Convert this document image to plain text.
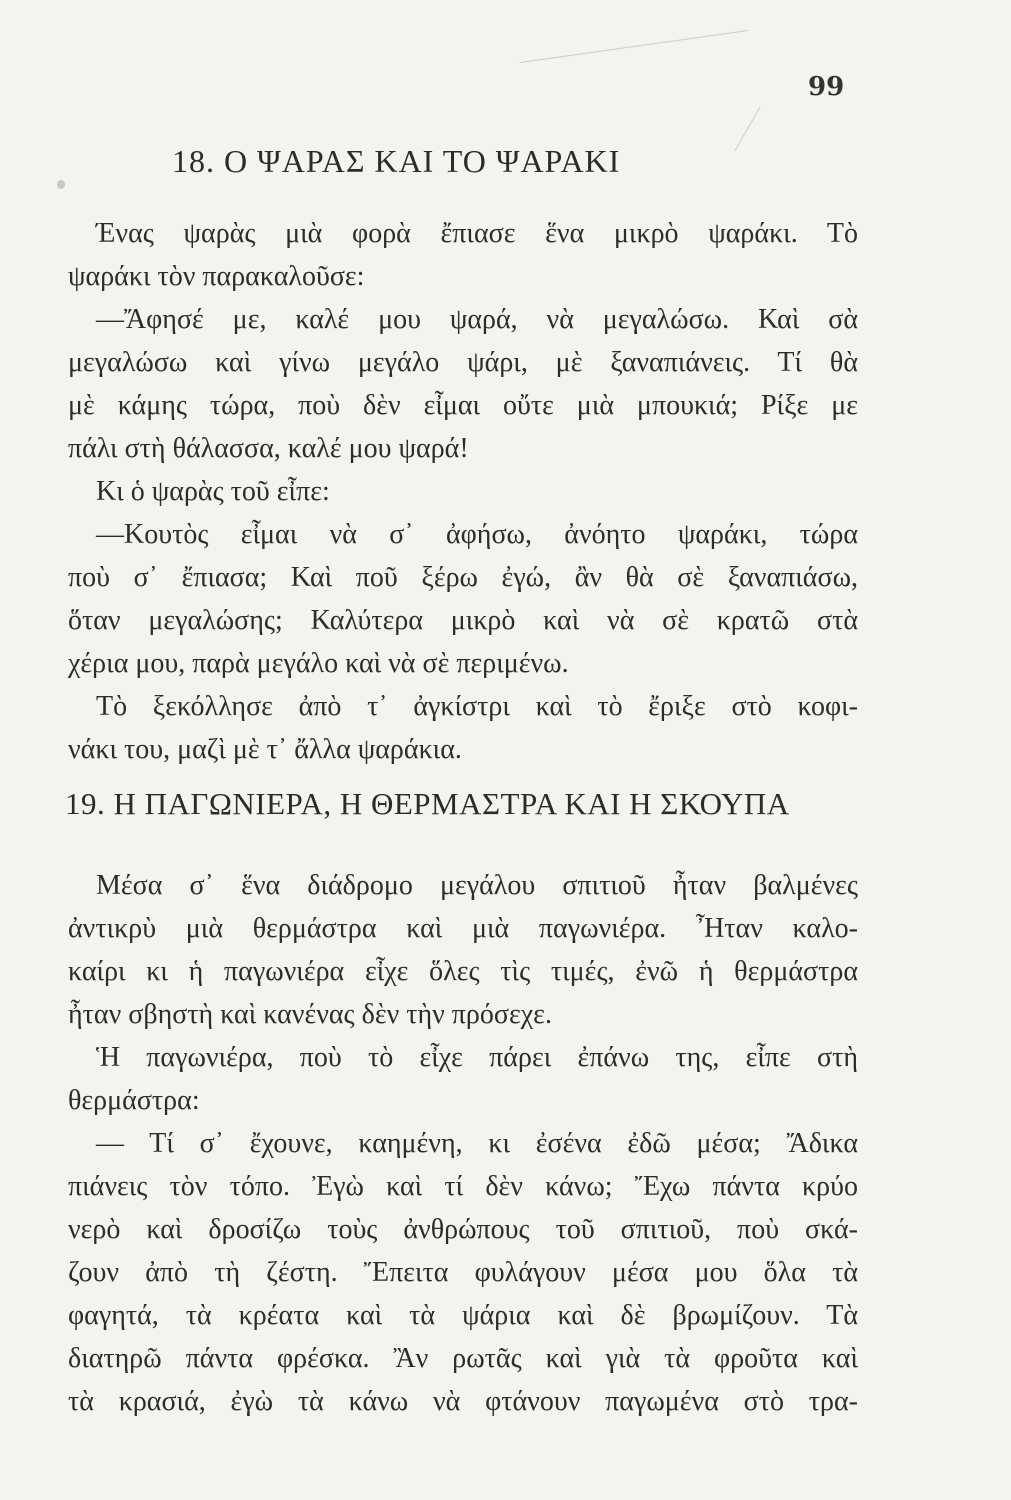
99
18. Ο ΨΑΡΑΣ ΚΑΙ ΤΟ ΨΑΡΑΚΙ
Ένας ψαρὰς μιὰ φορὰ ἔπιασε ἕνα μικρὸ ψαράκι. Τὸ
ψαράκι τὸν παρακαλοῦσε:
—Ἄφησέ με, καλέ μου ψαρά, νὰ μεγαλώσω. Καὶ σὰ
μεγαλώσω καὶ γίνω μεγάλο ψάρι, μὲ ξαναπιάνεις. Τί θὰ
μὲ κάμης τώρα, ποὺ δὲν εἶμαι οὔτε μιὰ μπουκιά; Ρίξε με
πάλι στὴ θάλασσα, καλέ μου ψαρά!
Κι ὁ ψαρὰς τοῦ εἶπε:
—Κουτὸς εἶμαι νὰ σ᾽ ἀφήσω, ἀνόητο ψαράκι, τώρα
ποὺ σ᾽ ἔπιασα; Καὶ ποῦ ξέρω ἐγώ, ἂν θὰ σὲ ξαναπιάσω,
ὅταν μεγαλώσης; Καλύτερα μικρὸ καὶ νὰ σὲ κρατῶ στὰ
χέρια μου, παρὰ μεγάλο καὶ νὰ σὲ περιμένω.
Τὸ ξεκόλλησε ἀπὸ τ᾽ ἀγκίστρι καὶ τὸ ἔριξε στὸ κοφι-
νάκι του, μαζὶ μὲ τ᾽ ἄλλα ψαράκια.
19. Η ΠΑΓΩΝΙΕΡΑ, Η ΘΕΡΜΑΣΤΡΑ ΚΑΙ Η ΣΚΟΥΠΑ
Μέσα σ᾽ ἕνα διάδρομο μεγάλου σπιτιοῦ ἦταν βαλμένες
ἀντικρὺ μιὰ θερμάστρα καὶ μιὰ παγωνιέρα. Ἦταν καλο-
καίρι κι ἡ παγωνιέρα εἶχε ὅλες τὶς τιμές, ἐνῶ ἡ θερμάστρα
ἦταν σβηστὴ καὶ κανένας δὲν τὴν πρόσεχε.
Ἡ παγωνιέρα, ποὺ τὸ εἶχε πάρει ἐπάνω της, εἶπε στὴ
θερμάστρα:
— Τί σ᾽ ἔχουνε, καημένη, κι ἐσένα ἐδῶ μέσα; Ἄδικα
πιάνεις τὸν τόπο. Ἐγὼ καὶ τί δὲν κάνω; Ἔχω πάντα κρύο
νερὸ καὶ δροσίζω τοὺς ἀνθρώπους τοῦ σπιτιοῦ, ποὺ σκά-
ζουν ἀπὸ τὴ ζέστη. Ἔπειτα φυλάγουν μέσα μου ὅλα τὰ
φαγητά, τὰ κρέατα καὶ τὰ ψάρια καὶ δὲ βρωμίζουν. Τὰ
διατηρῶ πάντα φρέσκα. Ἂν ρωτᾶς καὶ γιὰ τὰ φροῦτα καὶ
τὰ κρασιά, ἐγὼ τὰ κάνω νὰ φτάνουν παγωμένα στὸ τρα-
